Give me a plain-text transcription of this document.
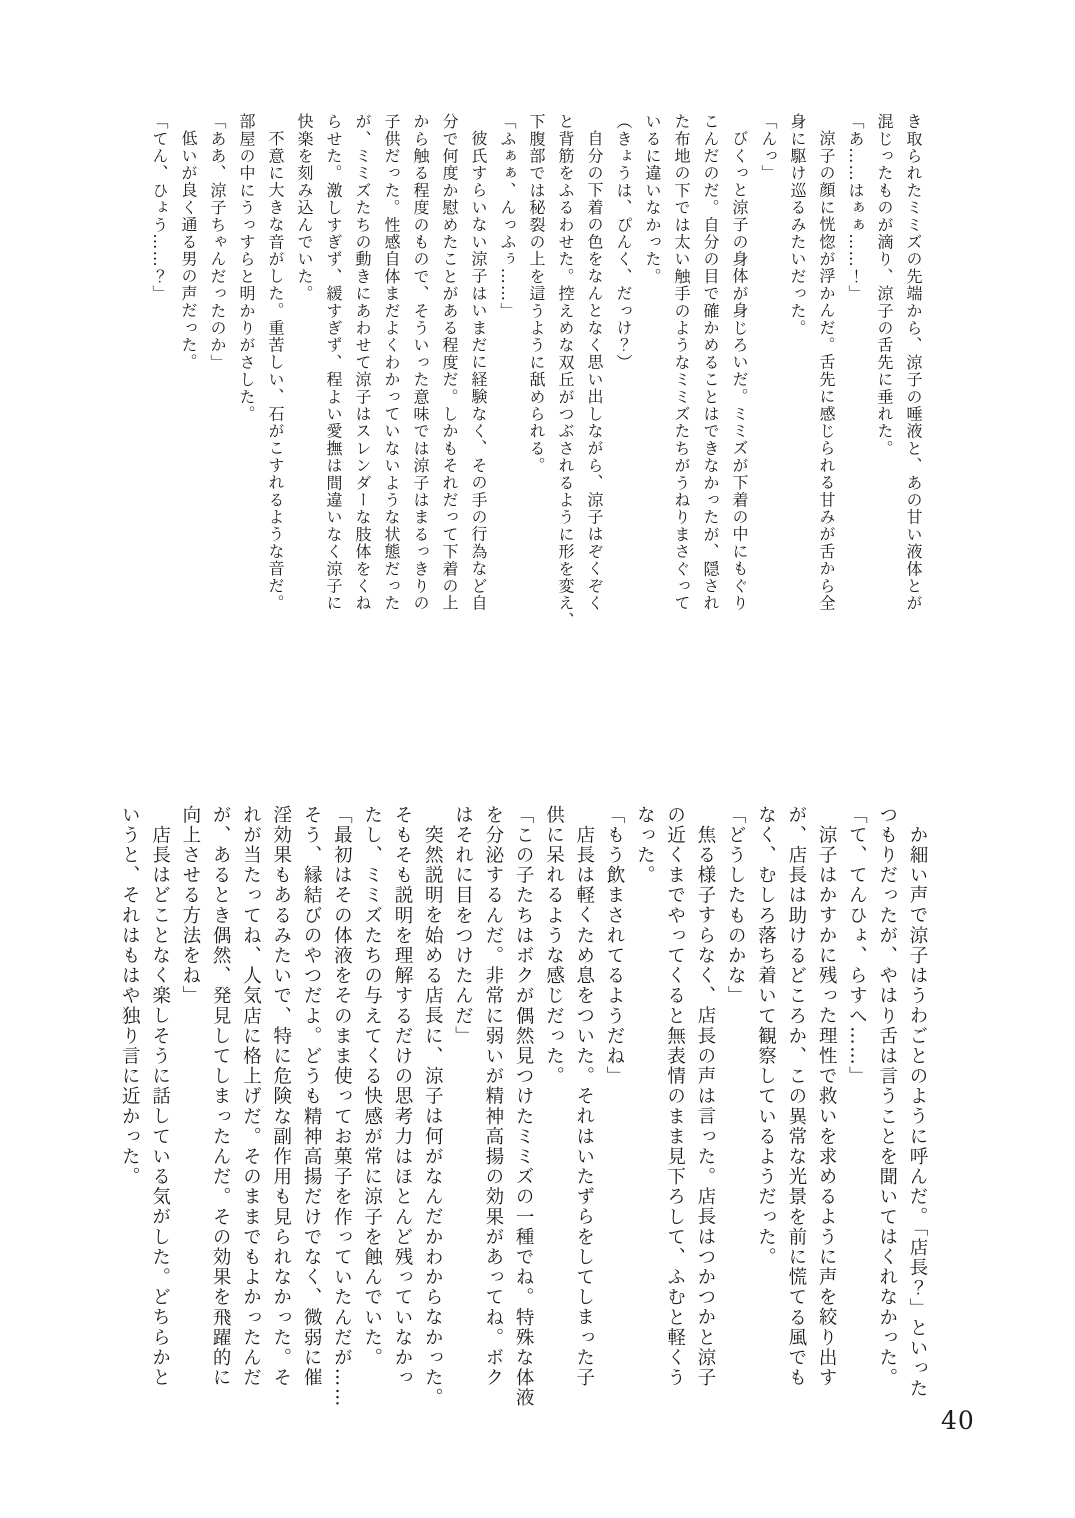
き取られたミミズの先端から、涼子の唾液と、あの甘い液体とが

混じったものが滴り、涼子の舌先に垂れた。

「あ……はぁぁ……！」

涼子の顔に恍惚が浮かんだ。舌先に感じられる甘みが舌から全

身に駆け巡るみたいだった。

「んっ」

びくっと涼子の身体が身じろいだ。ミミズが下着の中にもぐり

こんだのだ。自分の目で確かめることはできなかったが、隠され

た布地の下では太い触手のようなミミズたちがうねりまさぐって

いるに違いなかった。

（きょうは、ぴんく、だっけ？）

自分の下着の色をなんとなく思い出しながら、涼子はぞくぞく

と背筋をふるわせた。控えめな双丘がつぶされるように形を変え、

下腹部では秘裂の上を這うように舐められる。

「ふぁぁ、んっふぅ……」

彼氏すらいない涼子はいまだに経験なく、その手の行為など自

分で何度か慰めたことがある程度だ。しかもそれだって下着の上

から触る程度のもので、そういった意味では涼子はまるっきりの

子供だった。性感自体まだよくわかっていないような状態だった

が、ミミズたちの動きにあわせて涼子はスレンダーな肢体をくね

らせた。激しすぎず、緩すぎず、程よい愛撫は間違いなく涼子に

快楽を刻み込んでいた。

不意に大きな音がした。重苦しい、石がこすれるような音だ。

部屋の中にうっすらと明かりがさした。

「ああ、涼子ちゃんだったのか」

低いが良く通る男の声だった。

「てん、ひょう……？」

か細い声で涼子はうわごとのように呼んだ。「店長？」といった

つもりだったが、やはり舌は言うことを聞いてはくれなかった。

「て、てんひょ、らすへ……」

涼子はかすかに残った理性で救いを求めるように声を絞り出す

が、店長は助けるどころか、この異常な光景を前に慌てる風でも

なく、むしろ落ち着いて観察しているようだった。

「どうしたものかな」

焦る様子すらなく、店長の声は言った。店長はつかつかと涼子

の近くまでやってくると無表情のまま見下ろして、ふむと軽くう

なった。

「もう飲まされてるようだね」

店長は軽くため息をついた。それはいたずらをしてしまった子

供に呆れるような感じだった。

「この子たちはボクが偶然見つけたミミズの一種でね。特殊な体液

を分泌するんだ。非常に弱いが精神高揚の効果があってね。ボク

はそれに目をつけたんだ」

突然説明を始める店長に、涼子は何がなんだかわからなかった。

そもそも説明を理解するだけの思考力はほとんど残っていなかっ

たし、ミミズたちの与えてくる快感が常に涼子を蝕んでいた。

「最初はその体液をそのまま使ってお菓子を作っていたんだが……

そう、縁結びのやつだよ。どうも精神高揚だけでなく、微弱に催

淫効果もあるみたいで、特に危険な副作用も見られなかった。そ

れが当たってね、人気店に格上げだ。そのままでもよかったんだ

が、あるとき偶然、発見してしまったんだ。その効果を飛躍的に

向上させる方法をね」

店長はどことなく楽しそうに話している気がした。どちらかと

いうと、それはもはや独り言に近かった。

40
